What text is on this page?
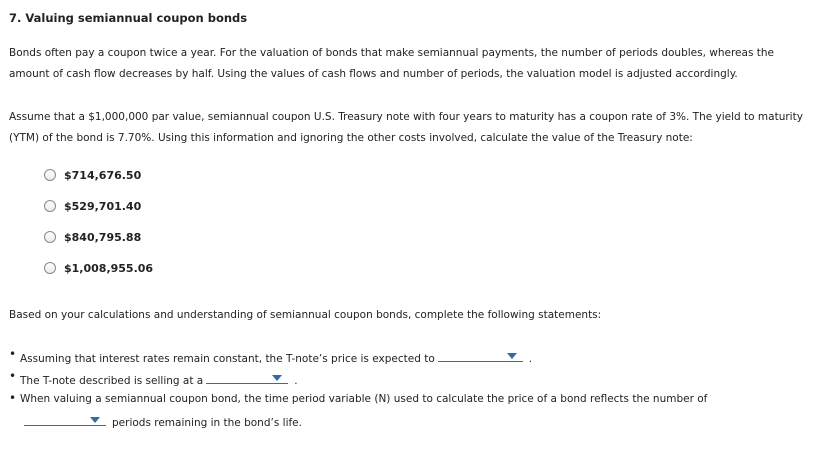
7. Valuing semiannual coupon bonds
Bonds often pay a coupon twice a year. For the valuation of bonds that make semiannual payments, the number of periods doubles, whereas the amount of cash flow decreases by half. Using the values of cash flows and number of periods, the valuation model is adjusted accordingly.
Assume that a $1,000,000 par value, semiannual coupon U.S. Treasury note with four years to maturity has a coupon rate of 3%. The yield to maturity (YTM) of the bond is 7.70%. Using this information and ignoring the other costs involved, calculate the value of the Treasury note:
$714,676.50
$529,701.40
$840,795.88
$1,008,955.06
Based on your calculations and understanding of semiannual coupon bonds, complete the following statements:
• Assuming that interest rates remain constant, the T-note’s price is expected to	.
• The T-note described is selling at a	.
• When valuing a semiannual coupon bond, the time period variable (N) used to calculate the price of a bond reflects the number of
periods remaining in the bond’s life.
